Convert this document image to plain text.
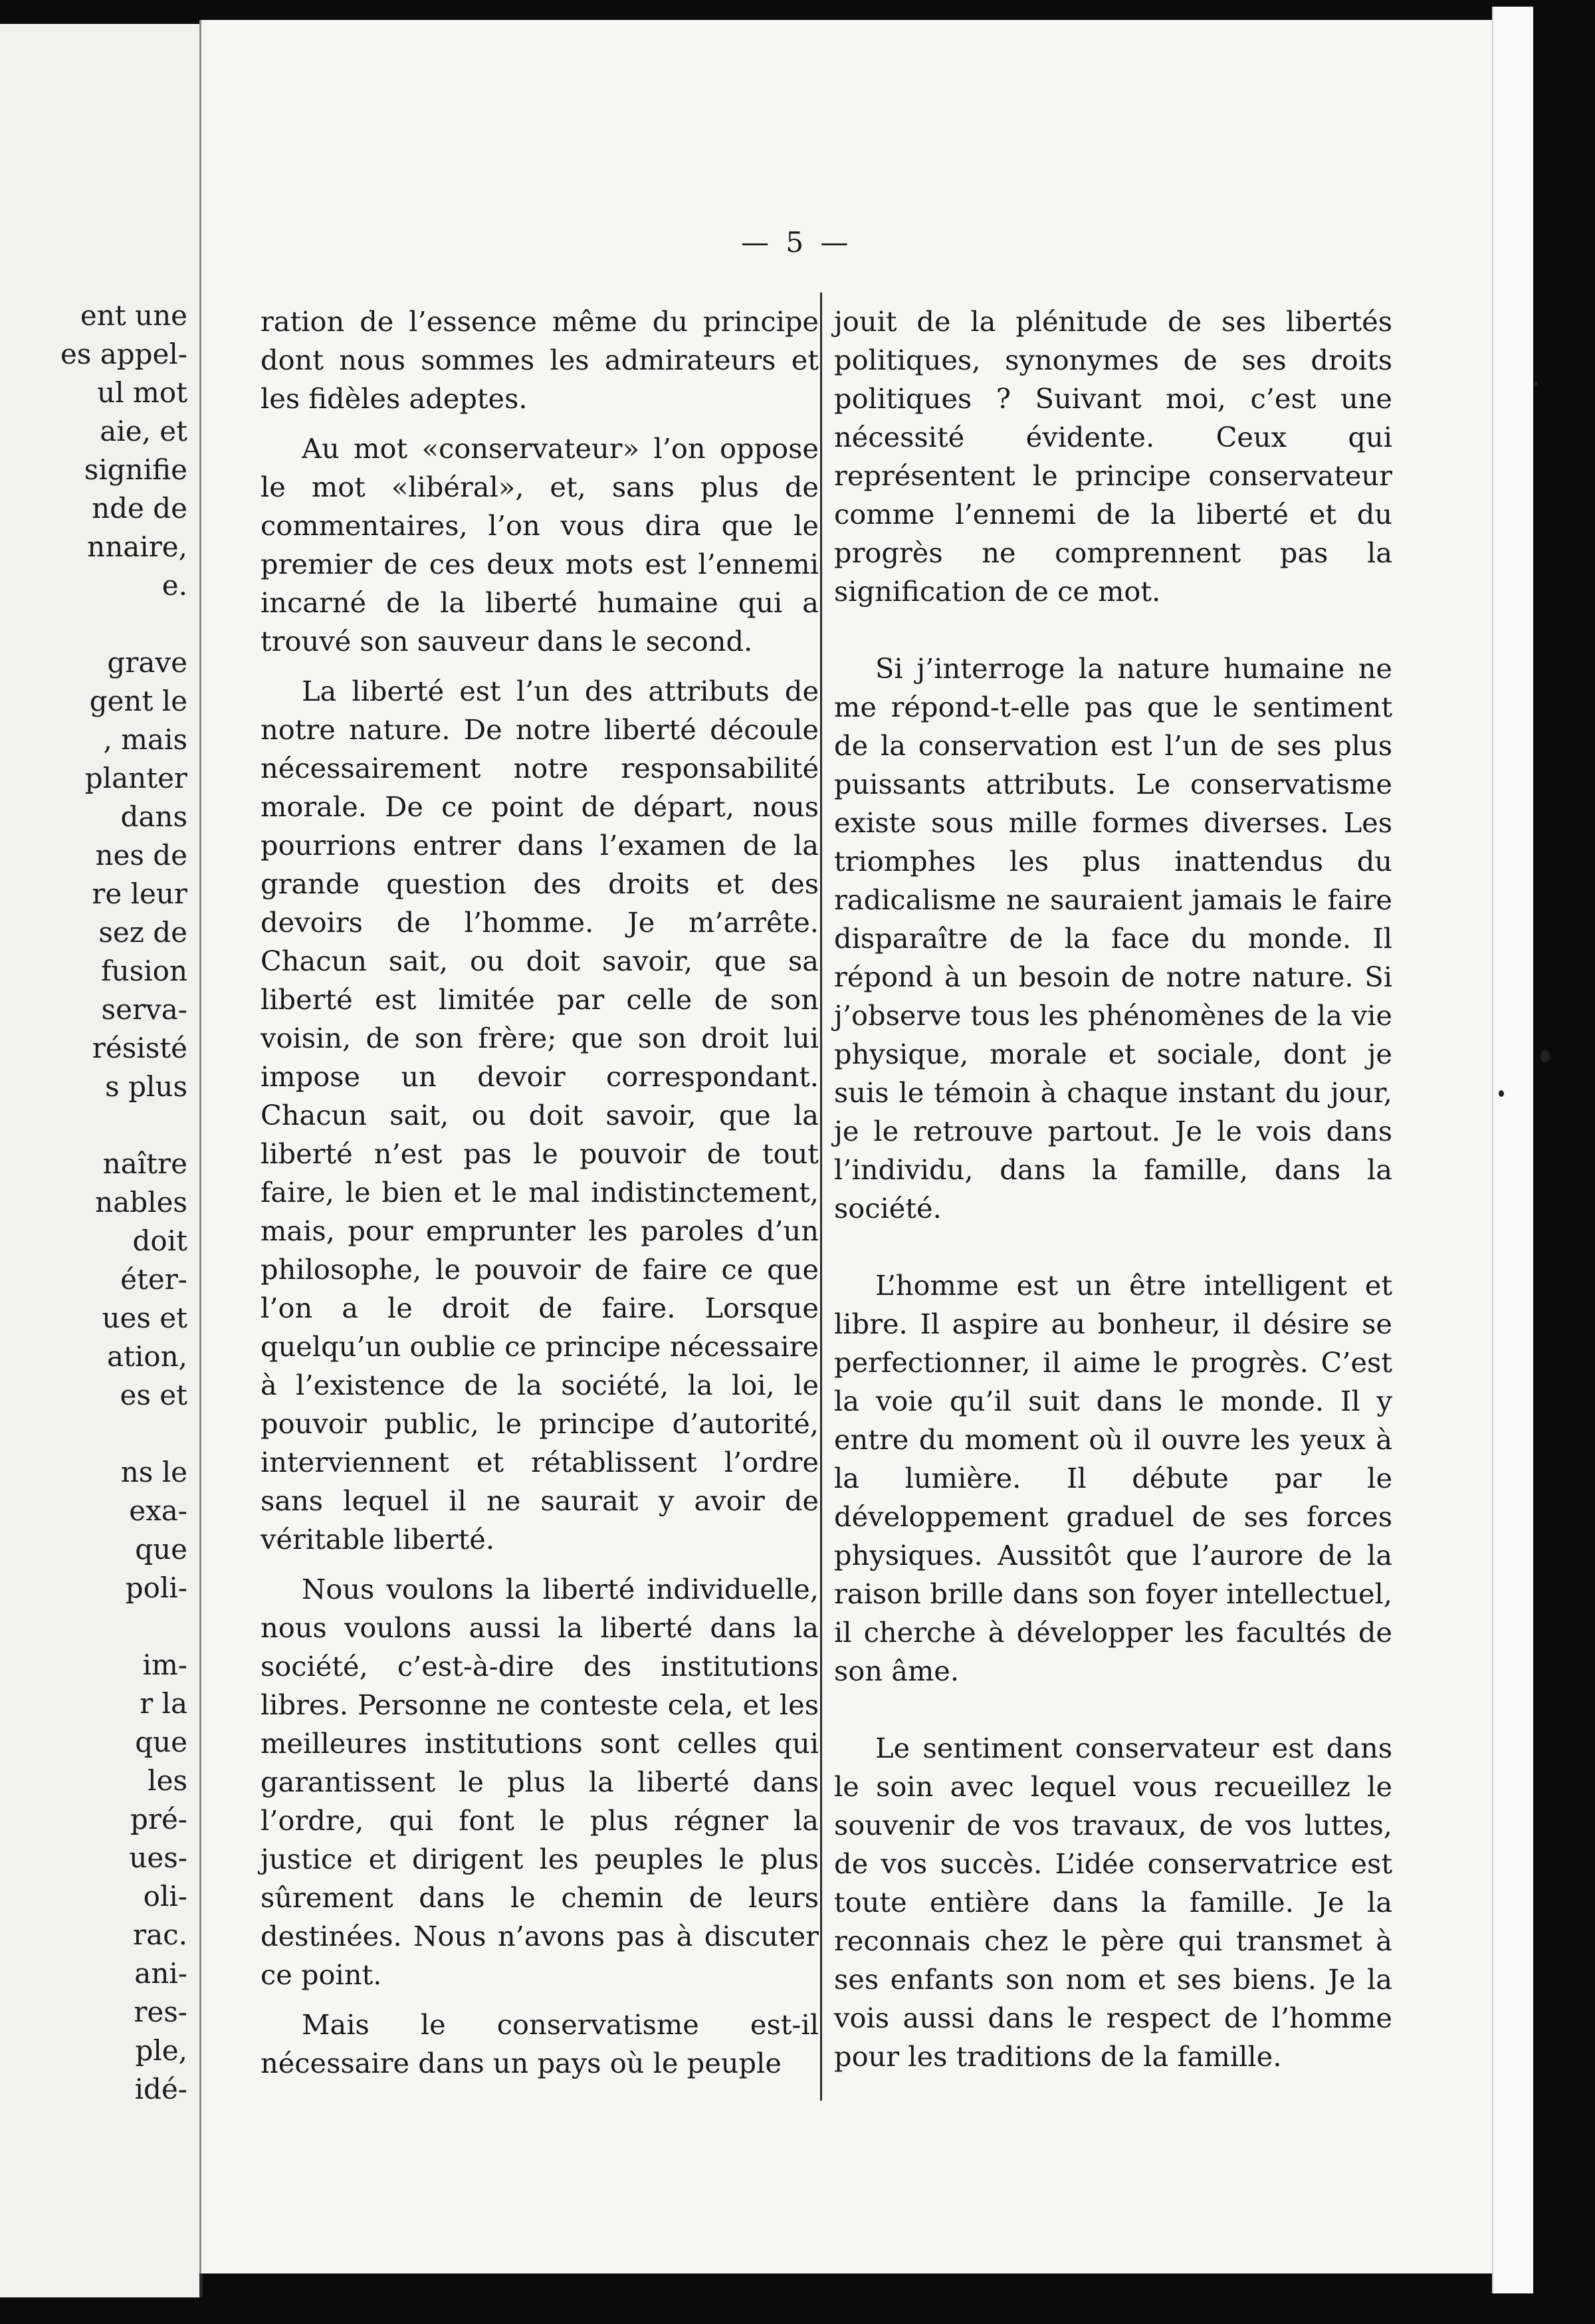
ent une
es appel-
ul mot
aie, et
signifie
nde de
nnaire,
e.
grave
gent le
, mais
planter
dans
nes de
re leur
sez de
fusion
serva-
résisté
s plus
naître
nables
doit
éter-
ues et
ation,
es et
ns le
exa-
que
poli-
im-
r la
que
les
pré-
ues-
oli-
rac.
ani-
res-
ple,
idé-
— 5 —

ration de l’essence même du principe dont nous sommes les admirateurs et les fidèles adeptes.

Au mot «conservateur» l’on oppose le mot «libéral», et, sans plus de commentaires, l’on vous dira que le premier de ces deux mots est l’ennemi incarné de la liberté humaine qui a trouvé son sauveur dans le second.

La liberté est l’un des attributs de notre nature. De notre liberté découle nécessairement notre responsabilité morale. De ce point de départ, nous pourrions entrer dans l’examen de la grande question des droits et des devoirs de l’homme. Je m’arrête. Chacun sait, ou doit savoir, que sa liberté est limitée par celle de son voisin, de son frère; que son droit lui impose un devoir correspondant. Chacun sait, ou doit savoir, que la liberté n’est pas le pouvoir de tout faire, le bien et le mal indistinctement, mais, pour emprunter les paroles d’un philosophe, le pouvoir de faire ce que l’on a le droit de faire. Lorsque quelqu’un oublie ce principe nécessaire à l’existence de la société, la loi, le pouvoir public, le principe d’autorité, interviennent et rétablissent l’ordre sans lequel il ne saurait y avoir de véritable liberté.

Nous voulons la liberté individuelle, nous voulons aussi la liberté dans la société, c’est-à-dire des institutions libres. Personne ne conteste cela, et les meilleures institutions sont celles qui garantissent le plus la liberté dans l’ordre, qui font le plus régner la justice et dirigent les peuples le plus sûrement dans le chemin de leurs destinées. Nous n’avons pas à discuter ce point.

Mais le conservatisme est-il nécessaire dans un pays où le peuple

jouit de la plénitude de ses libertés politiques, synonymes de ses droits politiques ? Suivant moi, c’est une nécessité évidente. Ceux qui représentent le principe conservateur comme l’ennemi de la liberté et du progrès ne comprennent pas la signification de ce mot.

Si j’interroge la nature humaine ne me répond-t-elle pas que le sentiment de la conservation est l’un de ses plus puissants attributs. Le conservatisme existe sous mille formes diverses. Les triomphes les plus inattendus du radicalisme ne sauraient jamais le faire disparaître de la face du monde. Il répond à un besoin de notre nature. Si j’observe tous les phénomènes de la vie physique, morale et sociale, dont je suis le témoin à chaque instant du jour, je le retrouve partout. Je le vois dans l’individu, dans la famille, dans la société.

L’homme est un être intelligent et libre. Il aspire au bonheur, il désire se perfectionner, il aime le progrès. C’est la voie qu’il suit dans le monde. Il y entre du moment où il ouvre les yeux à la lumière. Il débute par le développement graduel de ses forces physiques. Aussitôt que l’aurore de la raison brille dans son foyer intellectuel, il cherche à développer les facultés de son âme.

Le sentiment conservateur est dans le soin avec lequel vous recueillez le souvenir de vos travaux, de vos luttes, de vos succès. L’idée conservatrice est toute entière dans la famille. Je la reconnais chez le père qui transmet à ses enfants son nom et ses biens. Je la vois aussi dans le respect de l’homme pour les traditions de la famille.
